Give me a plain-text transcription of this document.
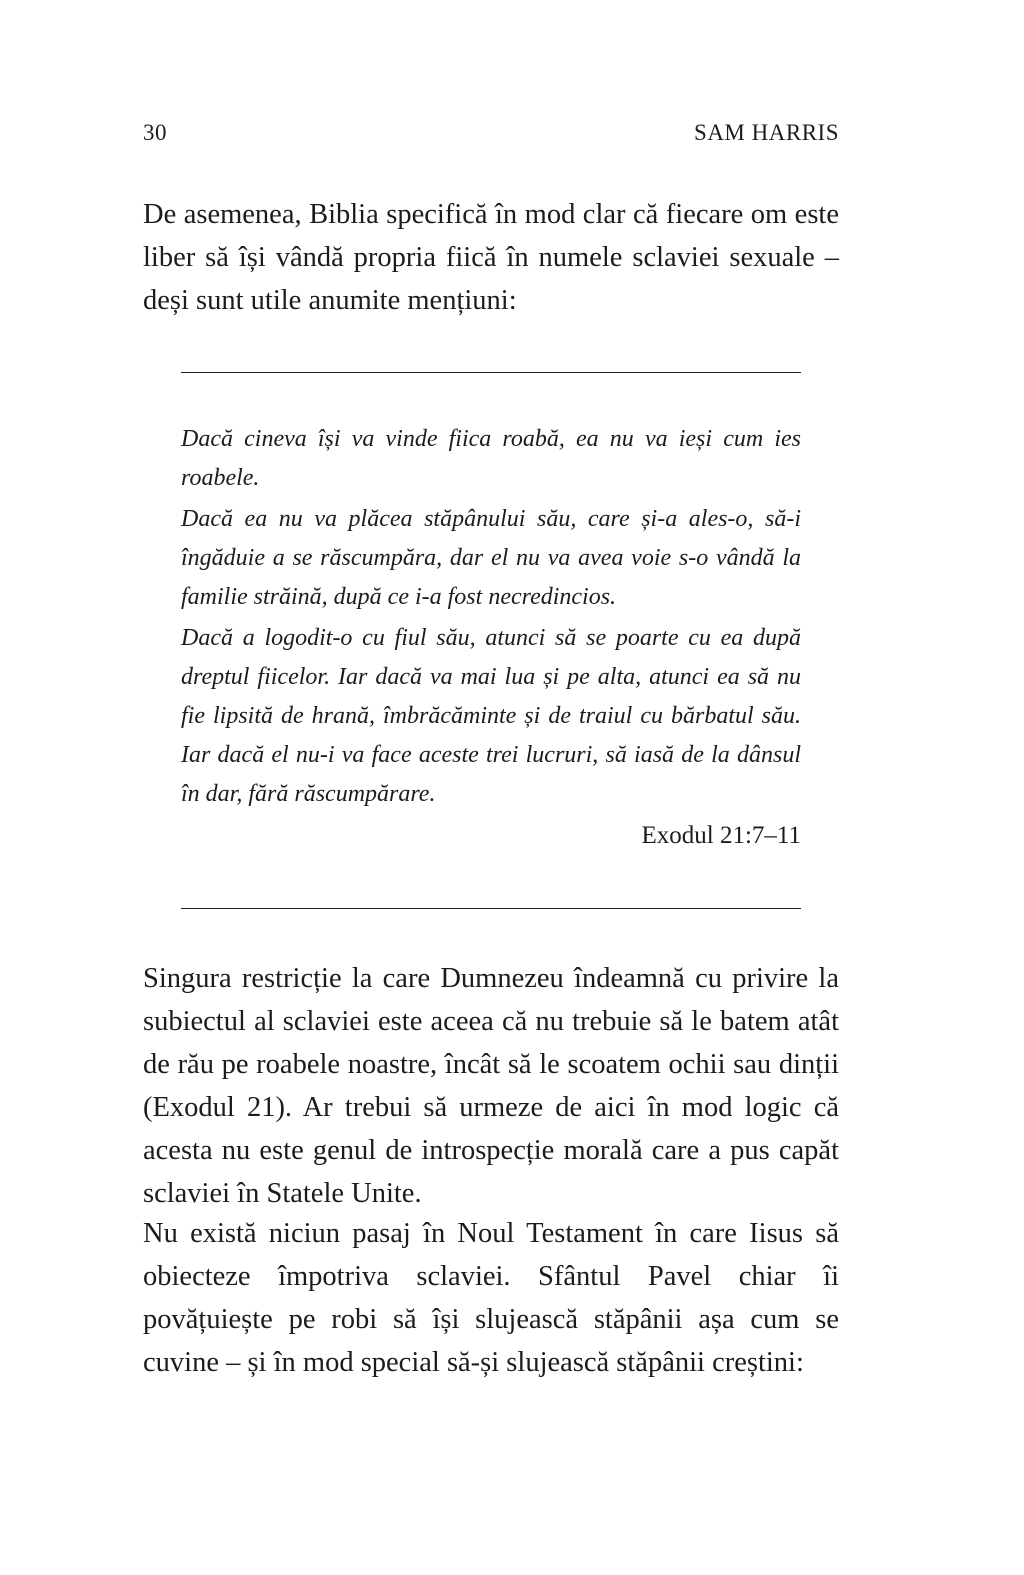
30	SAM HARRIS

De asemenea, Biblia specifică în mod clar că fiecare om este liber să își vândă propria fiică în numele sclaviei sexuale – deși sunt utile anumite mențiuni:

Dacă cineva își va vinde fiica roabă, ea nu va ieși cum ies roabele.

Dacă ea nu va plăcea stăpânului său, care și-a ales-o, să-i îngăduie a se răscumpăra, dar el nu va avea voie s-o vândă la familie străină, după ce i-a fost necredincios.

Dacă a logodit-o cu fiul său, atunci să se poarte cu ea după dreptul fiicelor. Iar dacă va mai lua și pe alta, atunci ea să nu fie lipsită de hrană, îmbrăcăminte și de traiul cu bărbatul său. Iar dacă el nu-i va face aceste trei lucruri, să iasă de la dânsul în dar, fără răscumpărare.

Exodul 21:7–11

Singura restricție la care Dumnezeu îndeamnă cu privire la subiectul al sclaviei este aceea că nu trebuie să le batem atât de rău pe roabele noastre, încât să le scoatem ochii sau dinții (Exodul 21). Ar trebui să urmeze de aici în mod logic că acesta nu este genul de introspecție morală care a pus capăt sclaviei în Statele Unite.

Nu există niciun pasaj în Noul Testament în care Iisus să obiecteze împotriva sclaviei. Sfântul Pavel chiar îi povățuiește pe robi să își slujească stăpânii așa cum se cuvine – și în mod special să-și slujească stăpânii creștini:
